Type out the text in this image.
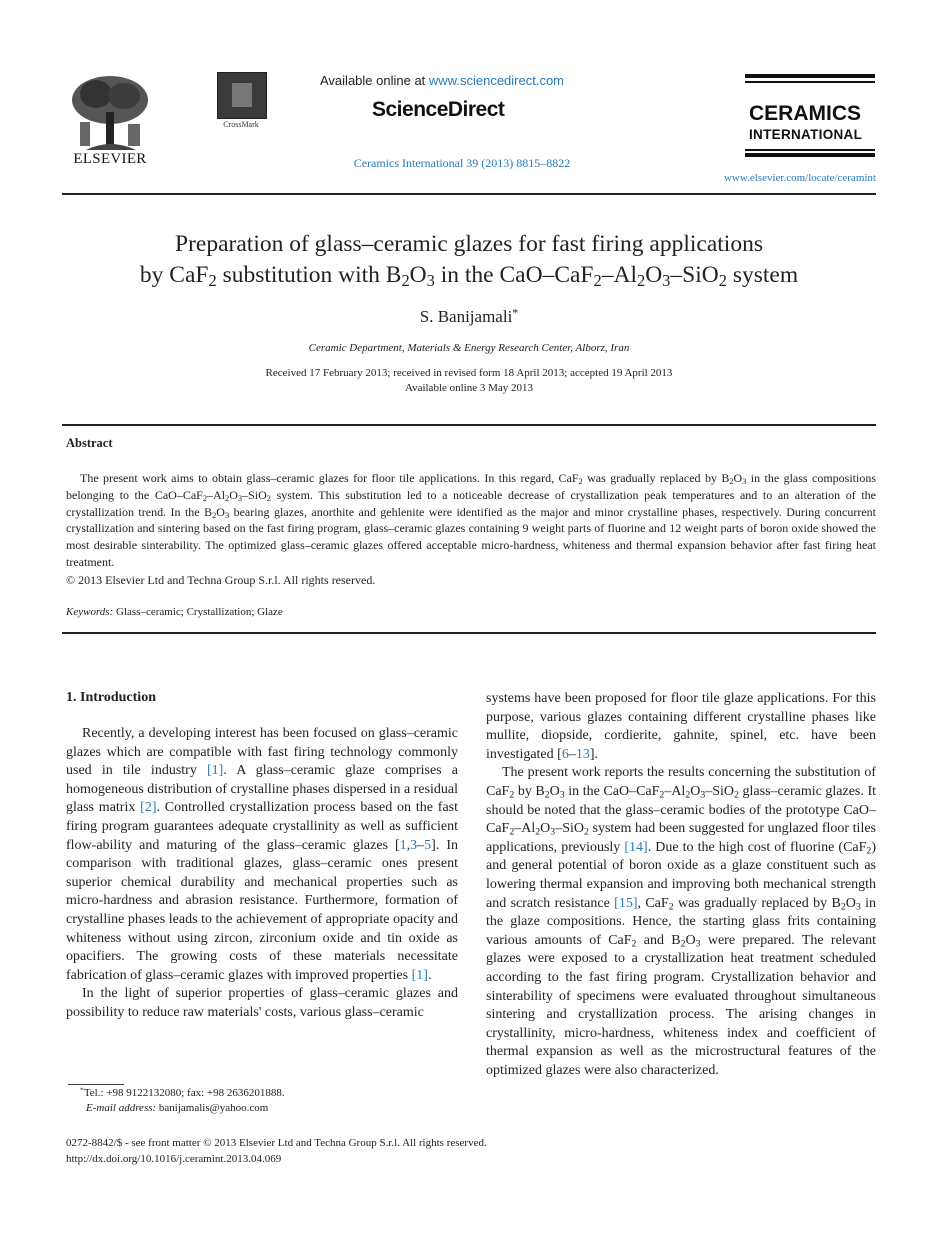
ELSEVIER
CrossMark
Available online at www.sciencedirect.com
ScienceDirect
Ceramics International 39 (2013) 8815–8822
CERAMICS
INTERNATIONAL
www.elsevier.com/locate/ceramint
Preparation of glass–ceramic glazes for fast firing applications
by CaF$_2$ substitution with $B_2O_3$ in the CaO–$CaF_2-Al_2O_3-SiO_2$ system
S. Banijamali*
Ceramic Department, Materials & Energy Research Center, Alborz, Iran
Received 17 February 2013; received in revised form 18 April 2013; accepted 19 April 2013
Available online 3 May 2013
Abstract

The present work aims to obtain glass–ceramic glazes for floor tile applications. In this regard, CaF$_2$ was gradually replaced by $B_2O_3$ in the glass compositions belonging to the CaO–$CaF_2-Al_2O_3-SiO_2$ system. This substitution led to a noticeable decrease of crystallization peak temperatures and to an alteration of the crystallization trend. In the $B_2O_3$ bearing glazes, anorthite and gehlenite were identified as the major and minor crystalline phases, respectively. During concurrent crystallization and sintering based on the fast firing program, glass–ceramic glazes containing 9 weight parts of fluorine and 12 weight parts of boron oxide showed the most desirable sinterability. The optimized glass–ceramic glazes offered acceptable micro-hardness, whiteness and thermal expansion behavior after fast firing heat treatment.

© 2013 Elsevier Ltd and Techna Group S.r.l. All rights reserved.
Keywords: Glass–ceramic; Crystallization; Glaze
1. Introduction

Recently, a developing interest has been focused on glass–ceramic glazes which are compatible with fast firing technology commonly used in tile industry [1]. A glass–ceramic glaze comprises a homogeneous distribution of crystalline phases dispersed in a residual glass matrix [2]. Controlled crystallization process based on the fast firing program guarantees adequate crystallinity as well as sufficient flow-ability and maturing of the glass–ceramic glazes [1,3–5]. In comparison with traditional glazes, glass–ceramic ones present superior chemical durability and mechanical properties such as micro-hardness and abrasion resistance. Furthermore, formation of crystalline phases leads to the achievement of appropriate opacity and whiteness without using zircon, zirconium oxide and tin oxide as opacifiers. The growing costs of these materials necessitate fabrication of glass–ceramic glazes with improved properties [1].

In the light of superior properties of glass–ceramic glazes and possibility to reduce raw materials' costs, various glass–ceramic

systems have been proposed for floor tile glaze applications. For this purpose, various glazes containing different crystalline phases like mullite, diopside, cordierite, gahnite, spinel, etc. have been investigated [6–13].

The present work reports the results concerning the substitution of CaF$_2$ by $B_2O_3$ in the CaO–$CaF_2-Al_2O_3-SiO_2$ glass–ceramic glazes. It should be noted that the glass–ceramic bodies of the prototype CaO–$CaF_2-Al_2O_3-SiO_2$ system had been suggested for unglazed floor tiles applications, previously [14]. Due to the high cost of fluorine (CaF$_2$) and general potential of boron oxide as a glaze constituent such as lowering thermal expansion and improving both mechanical strength and scratch resistance [15], CaF$_2$ was gradually replaced by $B_2O_3$ in the glaze compositions. Hence, the starting glass frits containing various amounts of CaF$_2$ and $B_2O_3$ were prepared. The relevant glazes were exposed to a crystallization heat treatment scheduled according to the fast firing program. Crystallization behavior and sinterability of specimens were evaluated throughout simultaneous sintering and crystallization process. The arising changes in crystallinity, micro-hardness, whiteness index and coefficient of thermal expansion as well as the microstructural features of the optimized glazes were also characterized.

*Tel.: +98 9122132080; fax: +98 2636201888.
E-mail address: banijamalis@yahoo.com
0272-8842/$ - see front matter © 2013 Elsevier Ltd and Techna Group S.r.l. All rights reserved.
http://dx.doi.org/10.1016/j.ceramint.2013.04.069
